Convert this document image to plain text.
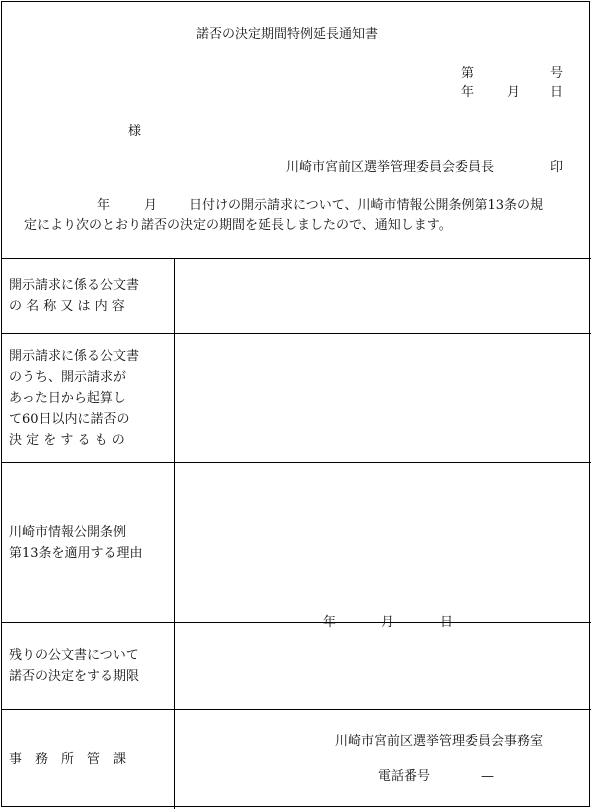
諾否の決定期間特例延長通知書
第	号
年	月 日
様
川崎市宮前区選挙管理委員会委員長	印
年	月 日付けの開示請求について、川崎市情報公開条例第13条の規
定により次のとおり諾否の決定の期間を延長しましたので、通知します。
開示請求に係る公文書
の 名 称 又 は 内 容	

開示請求に係る公文書
のうち、開示請求が
あった日から起算し
て60日以内に諾否の
決 定 を す る も の	

川崎市情報公開条例
第13条を適用する理由	

残りの公文書について
諾否の決定をする期限	年 月 日

事　務　所　管　課	川崎市宮前区選挙管理委員会事務室
電話番号 —
